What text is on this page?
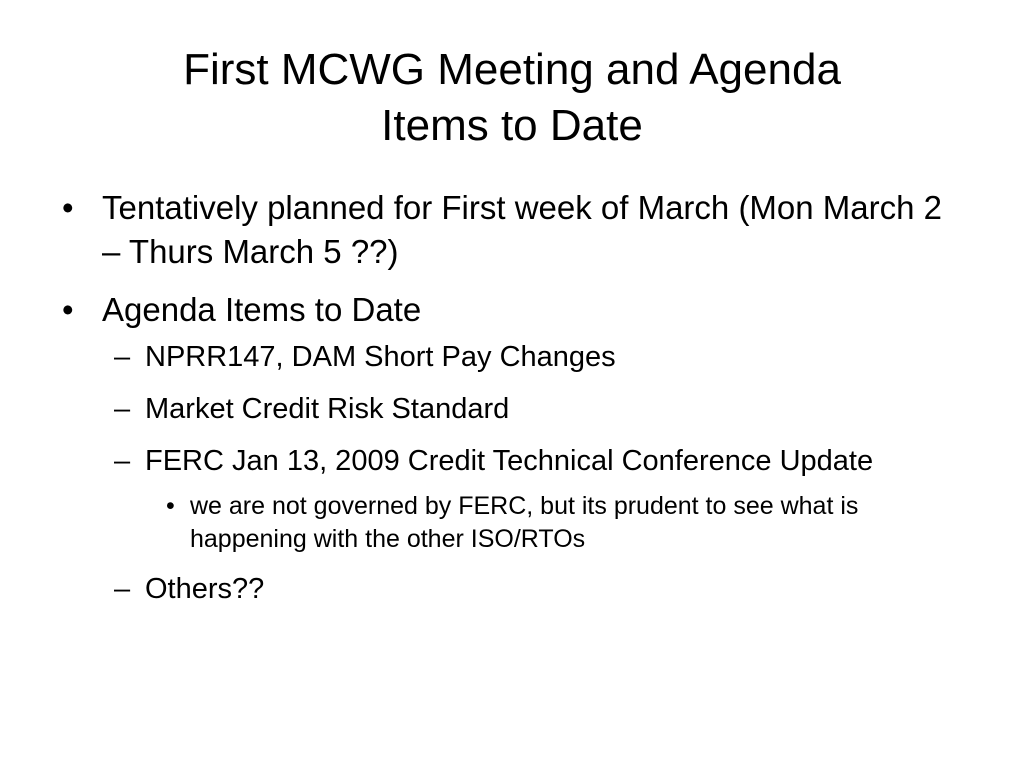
First MCWG Meeting and Agenda
Items to Date
• Tentatively planned for First week of March (Mon March 2 – Thurs March 5 ??)
• Agenda Items to Date
– NPRR147, DAM Short Pay Changes
– Market Credit Risk Standard
– FERC Jan 13, 2009 Credit Technical Conference Update
• we are not governed by FERC, but its prudent to see what is happening with the other ISO/RTOs
– Others??
